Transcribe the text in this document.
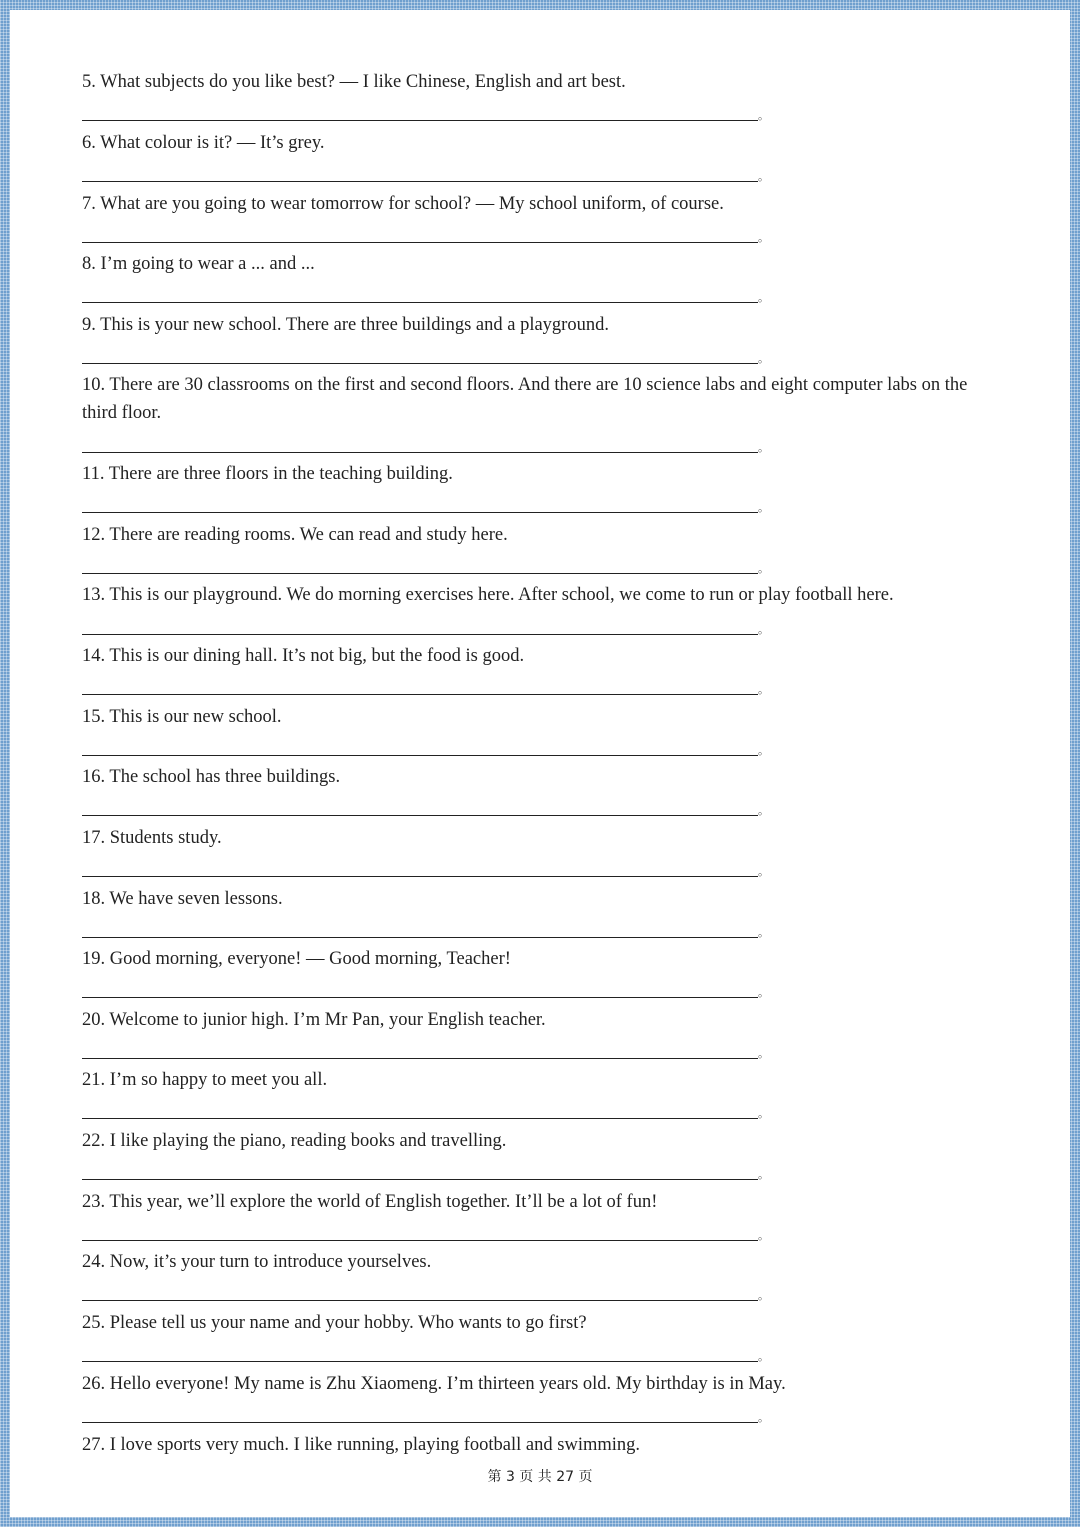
5. What subjects do you like best? — I like Chinese, English and art best.

。

6. What colour is it? — It’s grey.

。

7. What are you going to wear tomorrow for school? — My school uniform, of course.

。

8. I’m going to wear a ... and ...

。

9. This is your new school. There are three buildings and a playground.

。

10. There are 30 classrooms on the first and second floors. And there are 10 science labs and eight computer labs on the third floor.

。

11. There are three floors in the teaching building.

。

12. There are reading rooms. We can read and study here.

。

13. This is our playground. We do morning exercises here. After school, we come to run or play football here.

。

14. This is our dining hall. It’s not big, but the food is good.

。

15. This is our new school.

。

16. The school has three buildings.

。

17. Students study.

。

18. We have seven lessons.

。

19. Good morning, everyone! — Good morning, Teacher!

。

20. Welcome to junior high. I’m Mr Pan, your English teacher.

。

21. I’m so happy to meet you all.

。

22. I like playing the piano, reading books and travelling.

。

23. This year, we’ll explore the world of English together. It’ll be a lot of fun!

。

24. Now, it’s your turn to introduce yourselves.

。

25. Please tell us your name and your hobby. Who wants to go first?

。

26. Hello everyone! My name is Zhu Xiaomeng. I’m thirteen years old. My birthday is in May.

。

27. I love sports very much. I like running, playing football and swimming.

第 3 页 共 27 页
